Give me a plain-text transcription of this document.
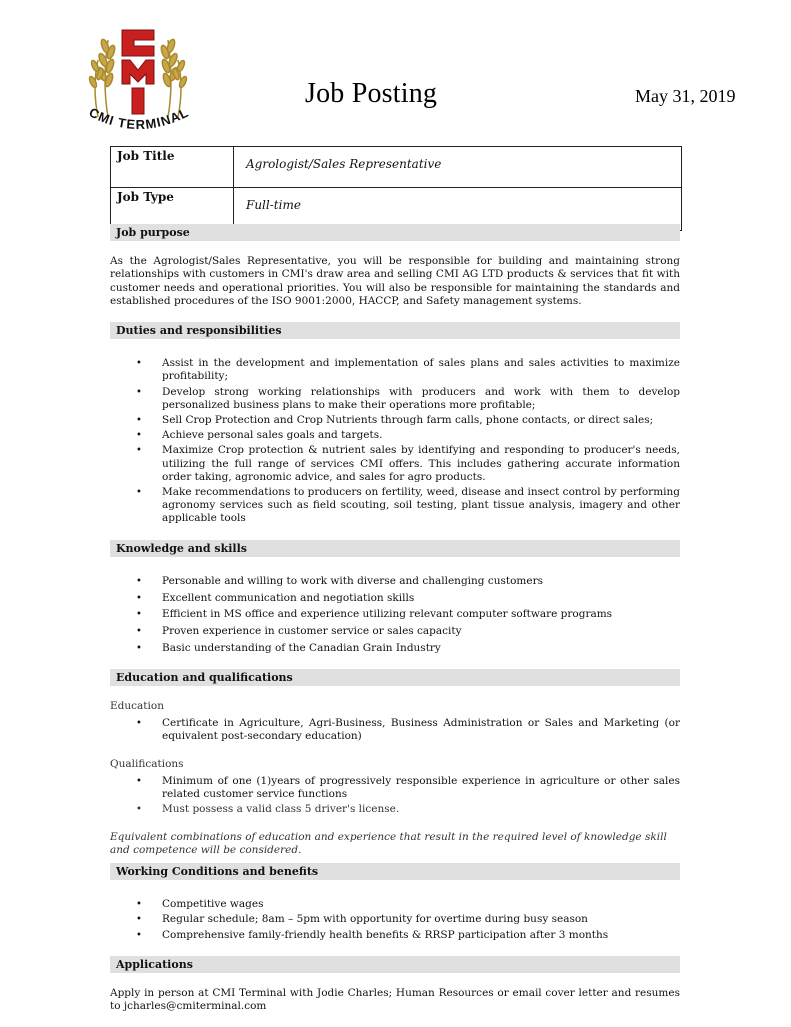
CMI TERMINAL
Job Posting	May 31, 2019
Job Title	Agrologist/Sales Representative
Job Type	Full-time
Job purpose

As the Agrologist/Sales Representative, you will be responsible for building and maintaining strong relationships with customers in CMI's draw area and selling CMI AG LTD products & services that fit with customer needs and operational priorities. You will also be responsible for maintaining the standards and established procedures of the ISO 9001:2000, HACCP, and Safety management systems.

Duties and responsibilities
• Assist in the development and implementation of sales plans and sales activities to maximize profitability;
• Develop strong working relationships with producers and work with them to develop personalized business plans to make their operations more profitable;
• Sell Crop Protection and Crop Nutrients through farm calls, phone contacts, or direct sales;
• Achieve personal sales goals and targets.
• Maximize Crop protection & nutrient sales by identifying and responding to producer's needs, utilizing the full range of services CMI offers. This includes gathering accurate information order taking, agronomic advice, and sales for agro products.
• Make recommendations to producers on fertility, weed, disease and insect control by performing agronomy services such as field scouting, soil testing, plant tissue analysis, imagery and other applicable tools
Knowledge and skills
• Personable and willing to work with diverse and challenging customers
• Excellent communication and negotiation skills
• Efficient in MS office and experience utilizing relevant computer software programs
• Proven experience in customer service or sales capacity
• Basic understanding of the Canadian Grain Industry
Education and qualifications
Education
• Certificate in Agriculture, Agri-Business, Business Administration or Sales and Marketing (or equivalent post-secondary education)
Qualifications
• Minimum of one (1)years of progressively responsible experience in agriculture or other sales related customer service functions
• Must possess a valid class 5 driver's license.

Equivalent combinations of education and experience that result in the required level of knowledge skill and competence will be considered.

Working Conditions and benefits
• Competitive wages
• Regular schedule; 8am – 5pm with opportunity for overtime during busy season
• Comprehensive family-friendly health benefits & RRSP participation after 3 months
Applications

Apply in person at CMI Terminal with Jodie Charles; Human Resources or email cover letter and resumes to jcharles@cmiterminal.com
